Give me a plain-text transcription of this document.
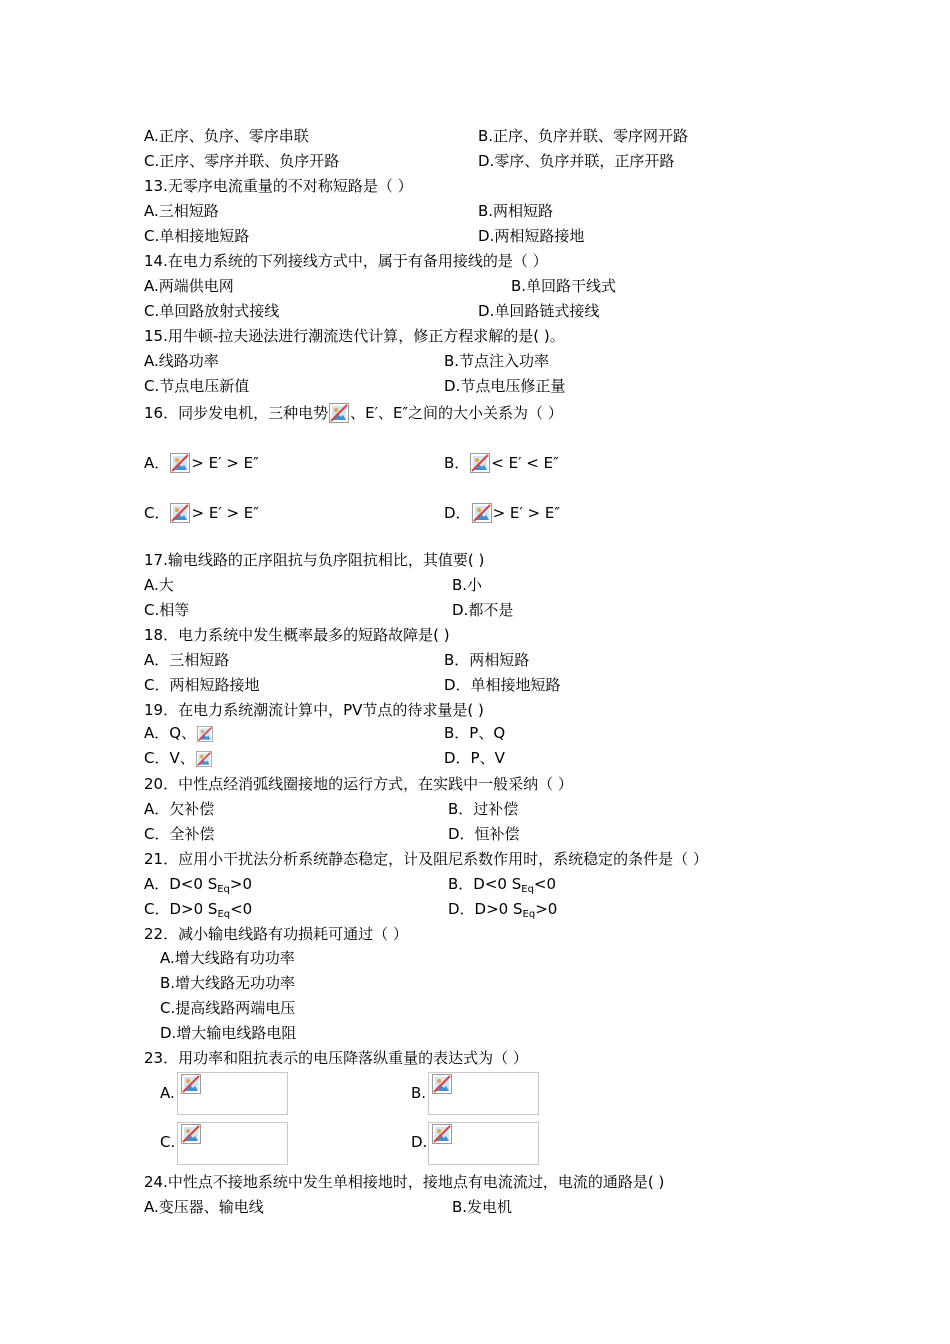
A.正序、负序、零序串联	B.正序、负序并联、零序网开路
C.正序、零序并联、负序开路	D.零序、负序并联，正序开路
13.无零序电流重量的不对称短路是（ ）
A.三相短路	B.两相短路
C.单相接地短路	D.两相短路接地
14.在电力系统的下列接线方式中，属于有备用接线的是（ ）
A.两端供电网	B.单回路干线式
C.单回路放射式接线	D.单回路链式接线
15.用牛顿-拉夫逊法进行潮流迭代计算，修正方程求解的是( )。
A.线路功率	B.节点注入功率
C.节点电压新值	D.节点电压修正量
16．同步发电机，三种电势 、E′、E″之间的大小关系为（ ）
A． > E′ > E″	B． < E′ < E″
C． > E′ > E″	D． > E′ > E″
17.输电线路的正序阻抗与负序阻抗相比，其值要( )
A.大	B.小
C.相等	D.都不是
18．电力系统中发生概率最多的短路故障是( )
A．三相短路	B．两相短路
C．两相短路接地	D．单相接地短路
19．在电力系统潮流计算中，PV节点的待求量是( )
A．Q、	B．P、Q
C．V、	D．P、V
20．中性点经消弧线圈接地的运行方式，在实践中一般采纳（ ）
A．欠补偿	B．过补偿
C．全补偿	D．恒补偿
21．应用小干扰法分析系统静态稳定，计及阻尼系数作用时，系统稳定的条件是（ ）
A．D<0 $S_{Eq}>0$	B．D<0 $S_{Eq}<0$
C．D>0 $S_{Eq}<0$	D．D>0 $S_{Eq}>0$
22．减小输电线路有功损耗可通过（ ）
A.增大线路有功功率
B.增大线路无功功率
C.提高线路两端电压
D.增大输电线路电阻
23．用功率和阻抗表示的电压降落纵重量的表达式为（ ）
A.	B.
C.	D.
24.中性点不接地系统中发生单相接地时，接地点有电流流过，电流的通路是( )
A.变压器、输电线	B.发电机
